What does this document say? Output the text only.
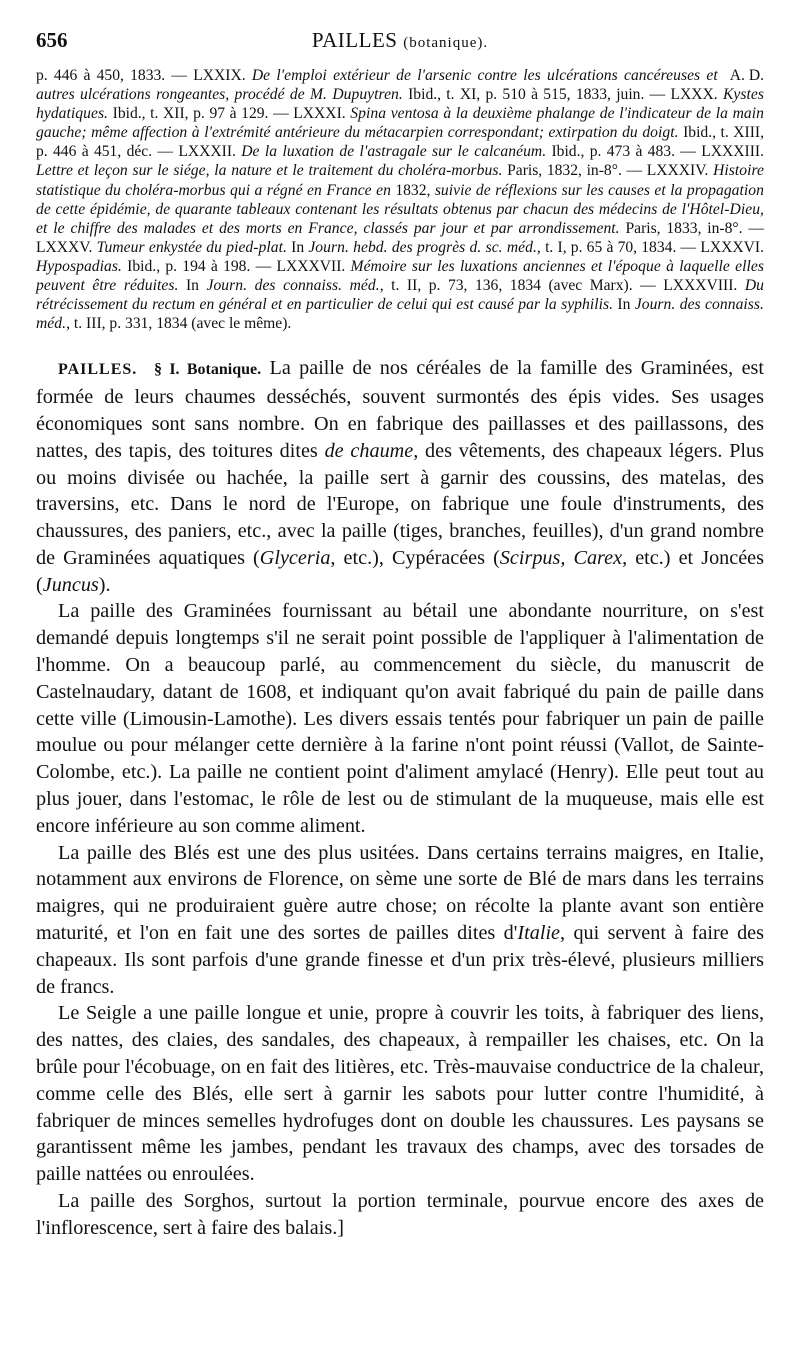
656	PAILLES (botanique).
A. D.
p. 446 à 450, 1833. — LXXIX. De l'emploi extérieur de l'arsenic contre les ulcérations cancéreuses et autres ulcérations rongeantes, procédé de M. Dupuytren. Ibid., t. XI, p. 510 à 515, 1833, juin. — LXXX. Kystes hydatiques. Ibid., t. XII, p. 97 à 129. — LXXXI. Spina ventosa à la deuxième phalange de l'indicateur de la main gauche; même affection à l'extrémité antérieure du métacarpien correspondant; extirpation du doigt. Ibid., t. XIII, p. 446 à 451, déc. — LXXXII. De la luxation de l'astragale sur le calcanéum. Ibid., p. 473 à 483. — LXXXIII. Lettre et leçon sur le siége, la nature et le traitement du choléra-morbus. Paris, 1832, in-8°. — LXXXIV. Histoire statistique du choléra-morbus qui a régné en France en 1832, suivie de réflexions sur les causes et la propagation de cette épidémie, de quarante tableaux contenant les résultats obtenus par chacun des médecins de l'Hôtel-Dieu, et le chiffre des malades et des morts en France, classés par jour et par arrondissement. Paris, 1833, in-8°. — LXXXV. Tumeur enkystée du pied-plat. In Journ. hebd. des progrès d. sc. méd., t. I, p. 65 à 70, 1834. — LXXXVI. Hypospadias. Ibid., p. 194 à 198. — LXXXVII. Mémoire sur les luxations anciennes et l'époque à laquelle elles peuvent être réduites. In Journ. des connaiss. méd., t. II, p. 73, 136, 1834 (avec Marx). — LXXXVIII. Du rétrécissement du rectum en général et en particulier de celui qui est causé par la syphilis. In Journ. des connaiss. méd., t. III, p. 331, 1834 (avec le même).

PAILLES. § I. Botanique. La paille de nos céréales de la famille des Graminées, est formée de leurs chaumes desséchés, souvent surmontés des épis vides. Ses usages économiques sont sans nombre. On en fabrique des paillasses et des paillassons, des nattes, des tapis, des toitures dites de chaume, des vêtements, des chapeaux légers. Plus ou moins divisée ou hachée, la paille sert à garnir des coussins, des matelas, des traversins, etc. Dans le nord de l'Europe, on fabrique une foule d'instruments, des chaussures, des paniers, etc., avec la paille (tiges, branches, feuilles), d'un grand nombre de Graminées aquatiques (Glyceria, etc.), Cypéracées (Scirpus, Carex, etc.) et Joncées (Juncus).

La paille des Graminées fournissant au bétail une abondante nourriture, on s'est demandé depuis longtemps s'il ne serait point possible de l'appliquer à l'alimentation de l'homme. On a beaucoup parlé, au commencement du siècle, du manuscrit de Castelnaudary, datant de 1608, et indiquant qu'on avait fabriqué du pain de paille dans cette ville (Limousin-Lamothe). Les divers essais tentés pour fabriquer un pain de paille moulue ou pour mélanger cette dernière à la farine n'ont point réussi (Vallot, de Sainte-Colombe, etc.). La paille ne contient point d'aliment amylacé (Henry). Elle peut tout au plus jouer, dans l'estomac, le rôle de lest ou de stimulant de la muqueuse, mais elle est encore inférieure au son comme aliment.

La paille des Blés est une des plus usitées. Dans certains terrains maigres, en Italie, notamment aux environs de Florence, on sème une sorte de Blé de mars dans les terrains maigres, qui ne produiraient guère autre chose; on récolte la plante avant son entière maturité, et l'on en fait une des sortes de pailles dites d'Italie, qui servent à faire des chapeaux. Ils sont parfois d'une grande finesse et d'un prix très-élevé, plusieurs milliers de francs.

Le Seigle a une paille longue et unie, propre à couvrir les toits, à fabriquer des liens, des nattes, des claies, des sandales, des chapeaux, à rempailler les chaises, etc. On la brûle pour l'écobuage, on en fait des litières, etc. Très-mauvaise conductrice de la chaleur, comme celle des Blés, elle sert à garnir les sabots pour lutter contre l'humidité, à fabriquer de minces semelles hydrofuges dont on double les chaussures. Les paysans se garantissent même les jambes, pendant les travaux des champs, avec des torsades de paille nattées ou enroulées.

La paille des Sorghos, surtout la portion terminale, pourvue encore des axes de l'inflorescence, sert à faire des balais.]
